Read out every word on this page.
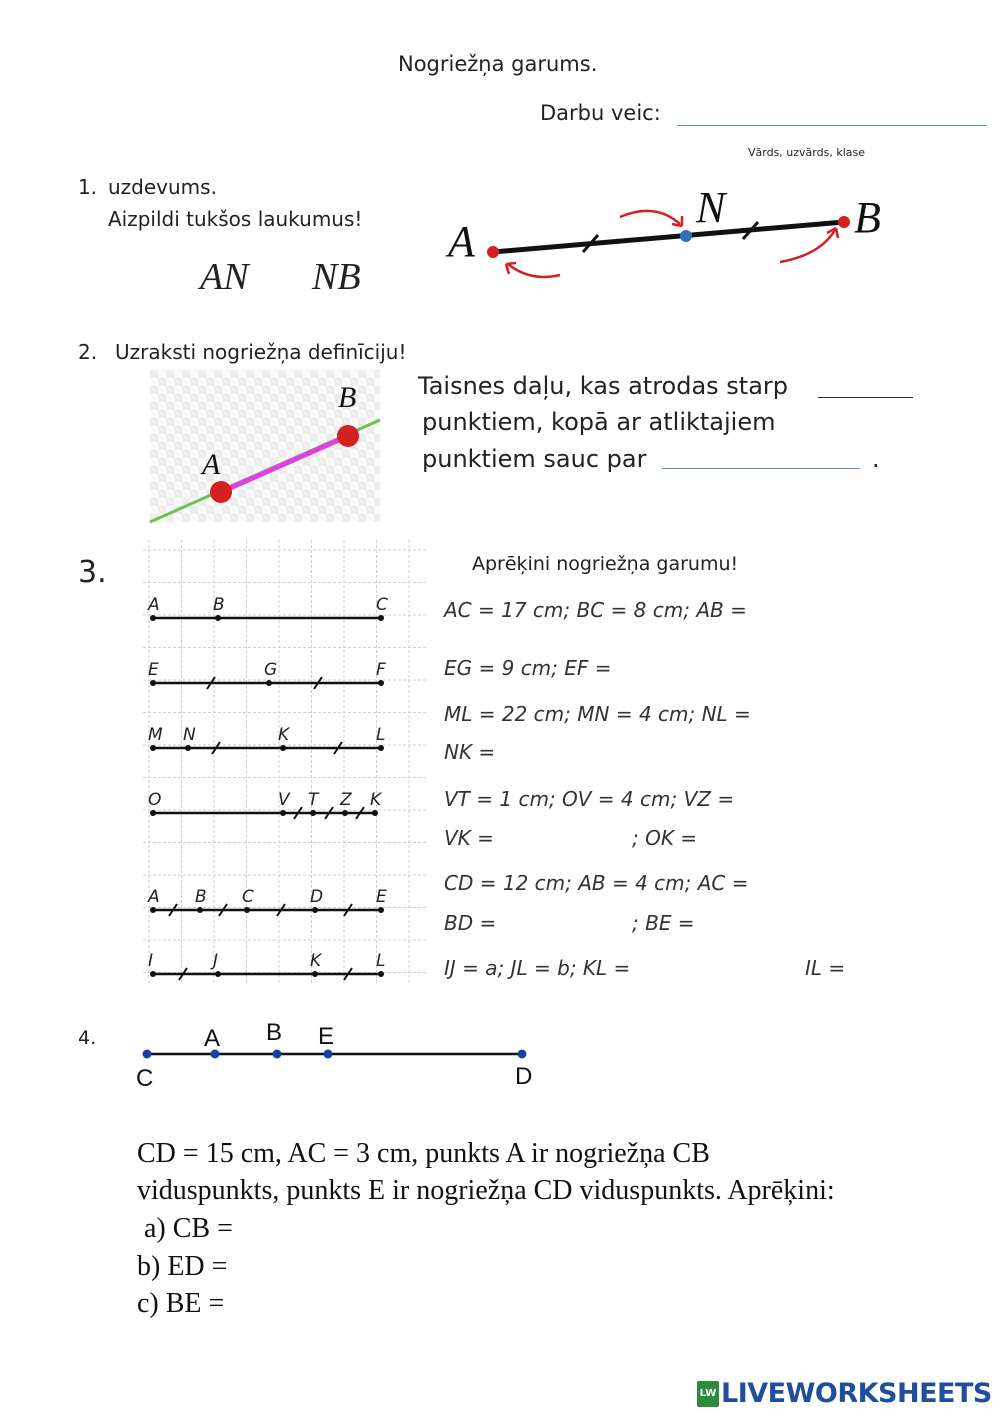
Nogriežņa garums.
Darbu veic:
Vārds, uzvārds, klase
1. uzdevums.
Aizpildi tukšos laukumus!
AN NB
A
N	B
2. Uzraksti nogriežņa definīciju!
A
B	Taisnes daļu, kas atrodas starp
punktiem, kopā ar atliktajiem
punktiem sauc par	.
3.
A	B	C
E	G	F
M N	K	L
O	V T Z K
A B C	D	E
I	J	K	L
Aprēķini nogriežņa garumu!
AC = 17 cm; BC = 8 cm; AB =
EG = 9 cm; EF =
ML = 22 cm; MN = 4 cm; NL =
NK =
VT = 1 cm; OV = 4 cm; VZ =
VK =	; OK =
CD = 12 cm; AB = 4 cm; AC =
BD =	; BE =
IJ = a; JL = b; KL =	IL =
4.
C
A B E
D
CD = 15 cm, AC = 3 cm, punkts A ir nogriežņa CB
viduspunkts, punkts E ir nogriežņa CD viduspunkts. Aprēķini:
a) CB =
b) ED =
c) BE =
LW LIVEWORKSHEETS
